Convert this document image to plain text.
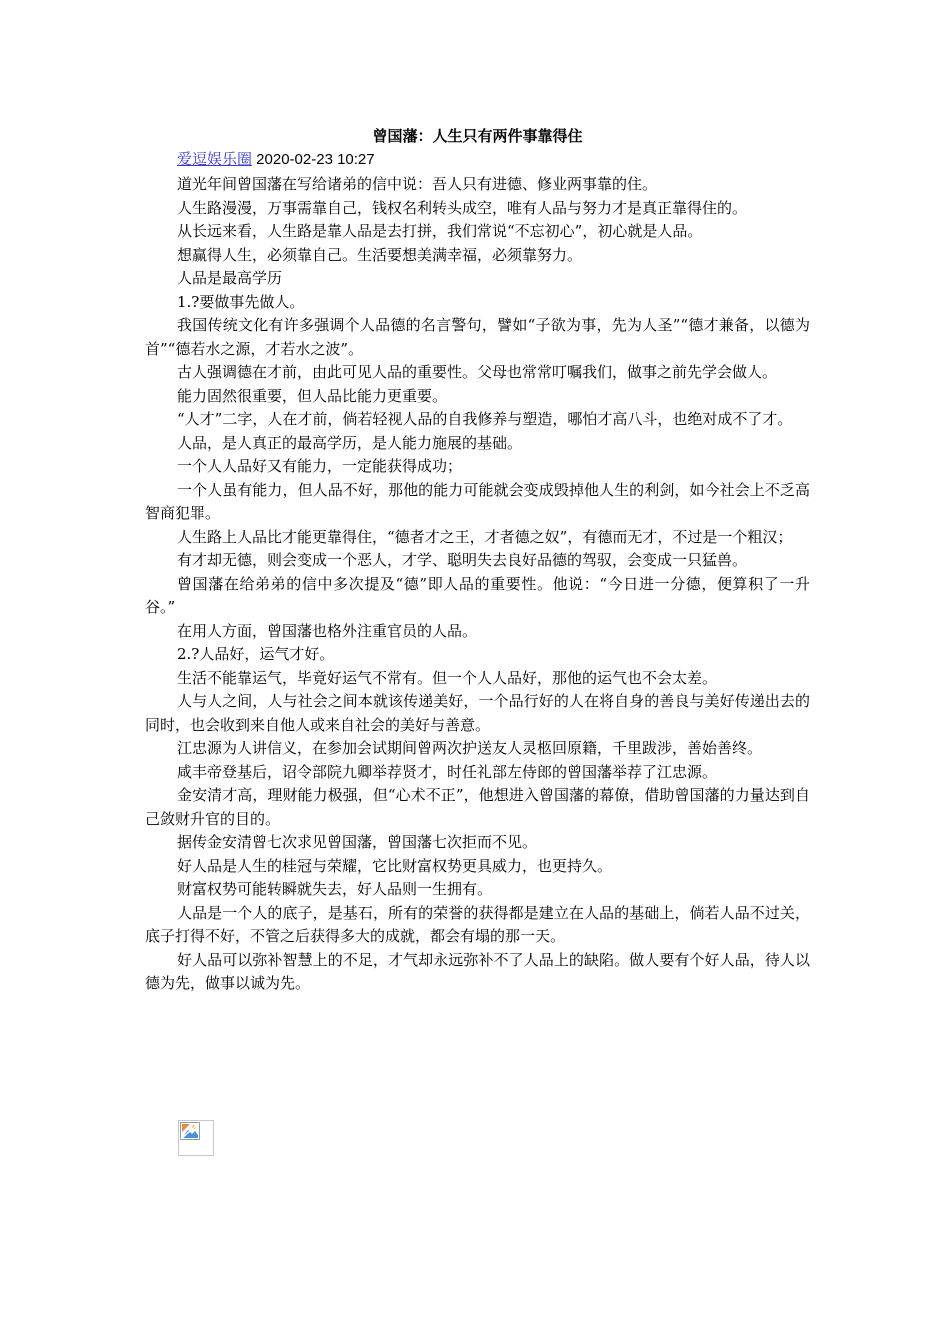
曾国藩：人生只有两件事靠得住
爱逗娱乐圈 2020-02-23 10:27

道光年间曾国藩在写给诸弟的信中说：吾人只有进德、修业两事靠的住。

人生路漫漫，万事需靠自己，钱权名利转头成空，唯有人品与努力才是真正靠得住的。

从长远来看，人生路是靠人品是去打拼，我们常说“不忘初心”，初心就是人品。

想赢得人生，必须靠自己。生活要想美满幸福，必须靠努力。

人品是最高学历

1.?要做事先做人。

我国传统文化有许多强调个人品德的名言警句，譬如“子欲为事，先为人圣”“德才兼备，以德为首”“德若水之源，才若水之波”。

古人强调德在才前，由此可见人品的重要性。父母也常常叮嘱我们，做事之前先学会做人。

能力固然很重要，但人品比能力更重要。

“人才”二字，人在才前，倘若轻视人品的自我修养与塑造，哪怕才高八斗，也绝对成不了才。

人品，是人真正的最高学历，是人能力施展的基础。

一个人人品好又有能力，一定能获得成功；

一个人虽有能力，但人品不好，那他的能力可能就会变成毁掉他人生的利剑，如今社会上不乏高智商犯罪。

人生路上人品比才能更靠得住，“德者才之王，才者德之奴”，有德而无才，不过是一个粗汉；

有才却无德，则会变成一个恶人，才学、聪明失去良好品德的驾驭，会变成一只猛兽。

曾国藩在给弟弟的信中多次提及“德”即人品的重要性。他说：“今日进一分德，便算积了一升谷。”

在用人方面，曾国藩也格外注重官员的人品。

2.?人品好，运气才好。

生活不能靠运气，毕竟好运气不常有。但一个人人品好，那他的运气也不会太差。

人与人之间，人与社会之间本就该传递美好，一个品行好的人在将自身的善良与美好传递出去的同时，也会收到来自他人或来自社会的美好与善意。

江忠源为人讲信义，在参加会试期间曾两次护送友人灵柩回原籍，千里跋涉，善始善终。

咸丰帝登基后，诏令部院九卿举荐贤才，时任礼部左侍郎的曾国藩举荐了江忠源。

金安清才高，理财能力极强，但“心术不正”，他想进入曾国藩的幕僚，借助曾国藩的力量达到自己敛财升官的目的。

据传金安清曾七次求见曾国藩，曾国藩七次拒而不见。

好人品是人生的桂冠与荣耀，它比财富权势更具威力，也更持久。

财富权势可能转瞬就失去，好人品则一生拥有。

人品是一个人的底子，是基石，所有的荣誉的获得都是建立在人品的基础上，倘若人品不过关，底子打得不好，不管之后获得多大的成就，都会有塌的那一天。

好人品可以弥补智慧上的不足，才气却永远弥补不了人品上的缺陷。做人要有个好人品，待人以德为先，做事以诚为先。
